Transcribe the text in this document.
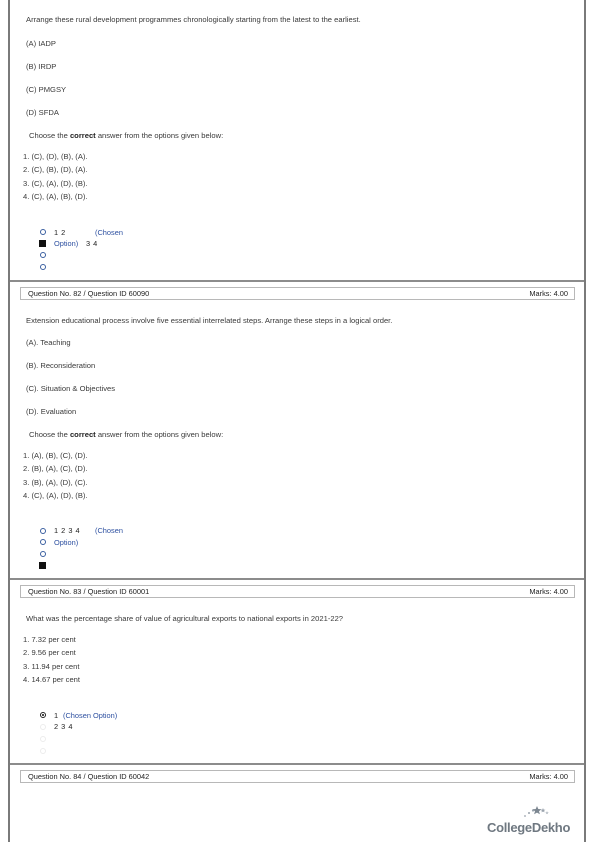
Arrange these rural development programmes chronologically starting from the latest to the earliest.
(A) IADP
(B) IRDP
(C) PMGSY
(D) SFDA
Choose the correct answer from the options given below:
1. (C), (D), (B), (A).
2. (C), (B), (D), (A).
3. (C), (A), (D), (B).
4. (C), (A), (B), (D).
1 2	(Chosen
Option) 3 4
Question No. 82 / Question ID 60090	Marks: 4.00
Extension educational process involve five essential interrelated steps. Arrange these steps in a logical order.
(A). Teaching
(B). Reconsideration
(C). Situation & Objectives
(D). Evaluation
Choose the correct answer from the options given below:
1. (A), (B), (C), (D).
2. (B), (A), (C), (D).
3. (B), (A), (D), (C).
4. (C), (A), (D), (B).
1 2 3 4 (Chosen
Option)
Question No. 83 / Question ID 60001	Marks: 4.00
What was the percentage share of value of agricultural exports to national exports in 2021-22?
1. 7.32 per cent
2. 9.56 per cent
3. 11.94 per cent
4. 14.67 per cent
1 (Chosen Option)
2 3 4
Question No. 84 / Question ID 60042	Marks: 4.00
CollegeDekho
